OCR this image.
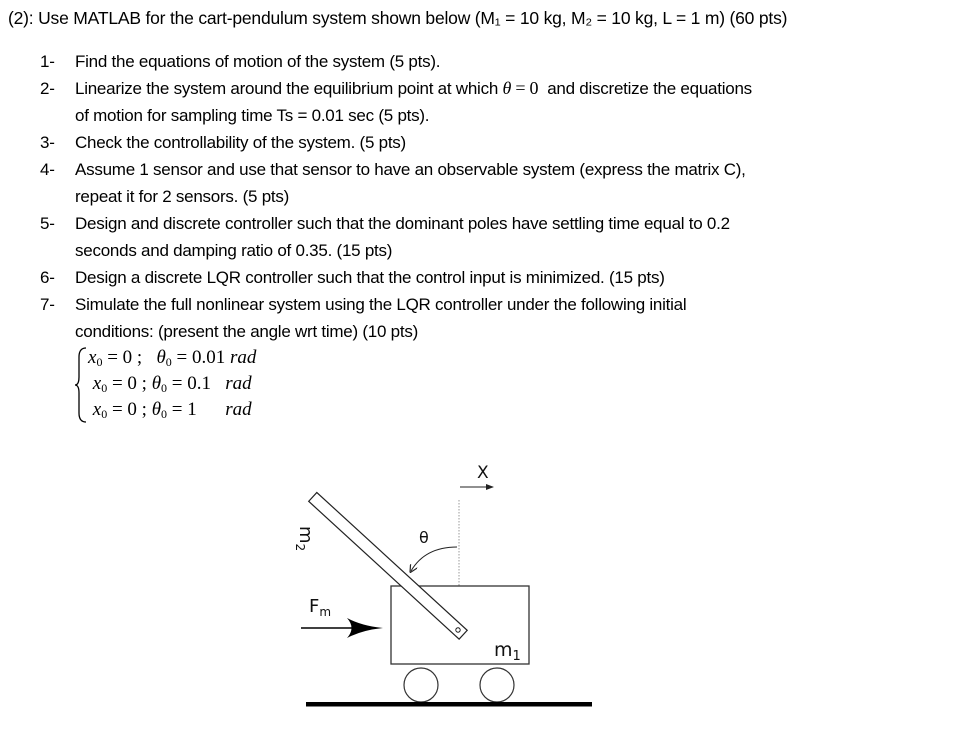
(2): Use MATLAB for the cart-pendulum system shown below (M₁ = 10 kg, M₂ = 10 kg, L = 1 m) (60 pts)
1- Find the equations of motion of the system (5 pts).
2- Linearize the system around the equilibrium point at which θ = 0 and discretize the equations
of motion for sampling time Ts = 0.01 sec (5 pts).
3- Check the controllability of the system. (5 pts)
4- Assume 1 sensor and use that sensor to have an observable system (express the matrix C),
repeat it for 2 sensors. (5 pts)
5- Design and discrete controller such that the dominant poles have settling time equal to 0.2
seconds and damping ratio of 0.35. (15 pts)
6- Design a discrete LQR controller such that the control input is minimized. (15 pts)
7- Simulate the full nonlinear system using the LQR controller under the following initial
conditions: (present the angle wrt time) (10 pts)
$x_0 = 0$ ;   $\theta_0 = 0.01$ rad
$x_0 = 0$ ; $\theta_0 = 0.1$ rad
$x_0 = 0$ ; $\theta_0 = 1$ rad
X
θ
$F_m$
$m_2$
$m_1$
